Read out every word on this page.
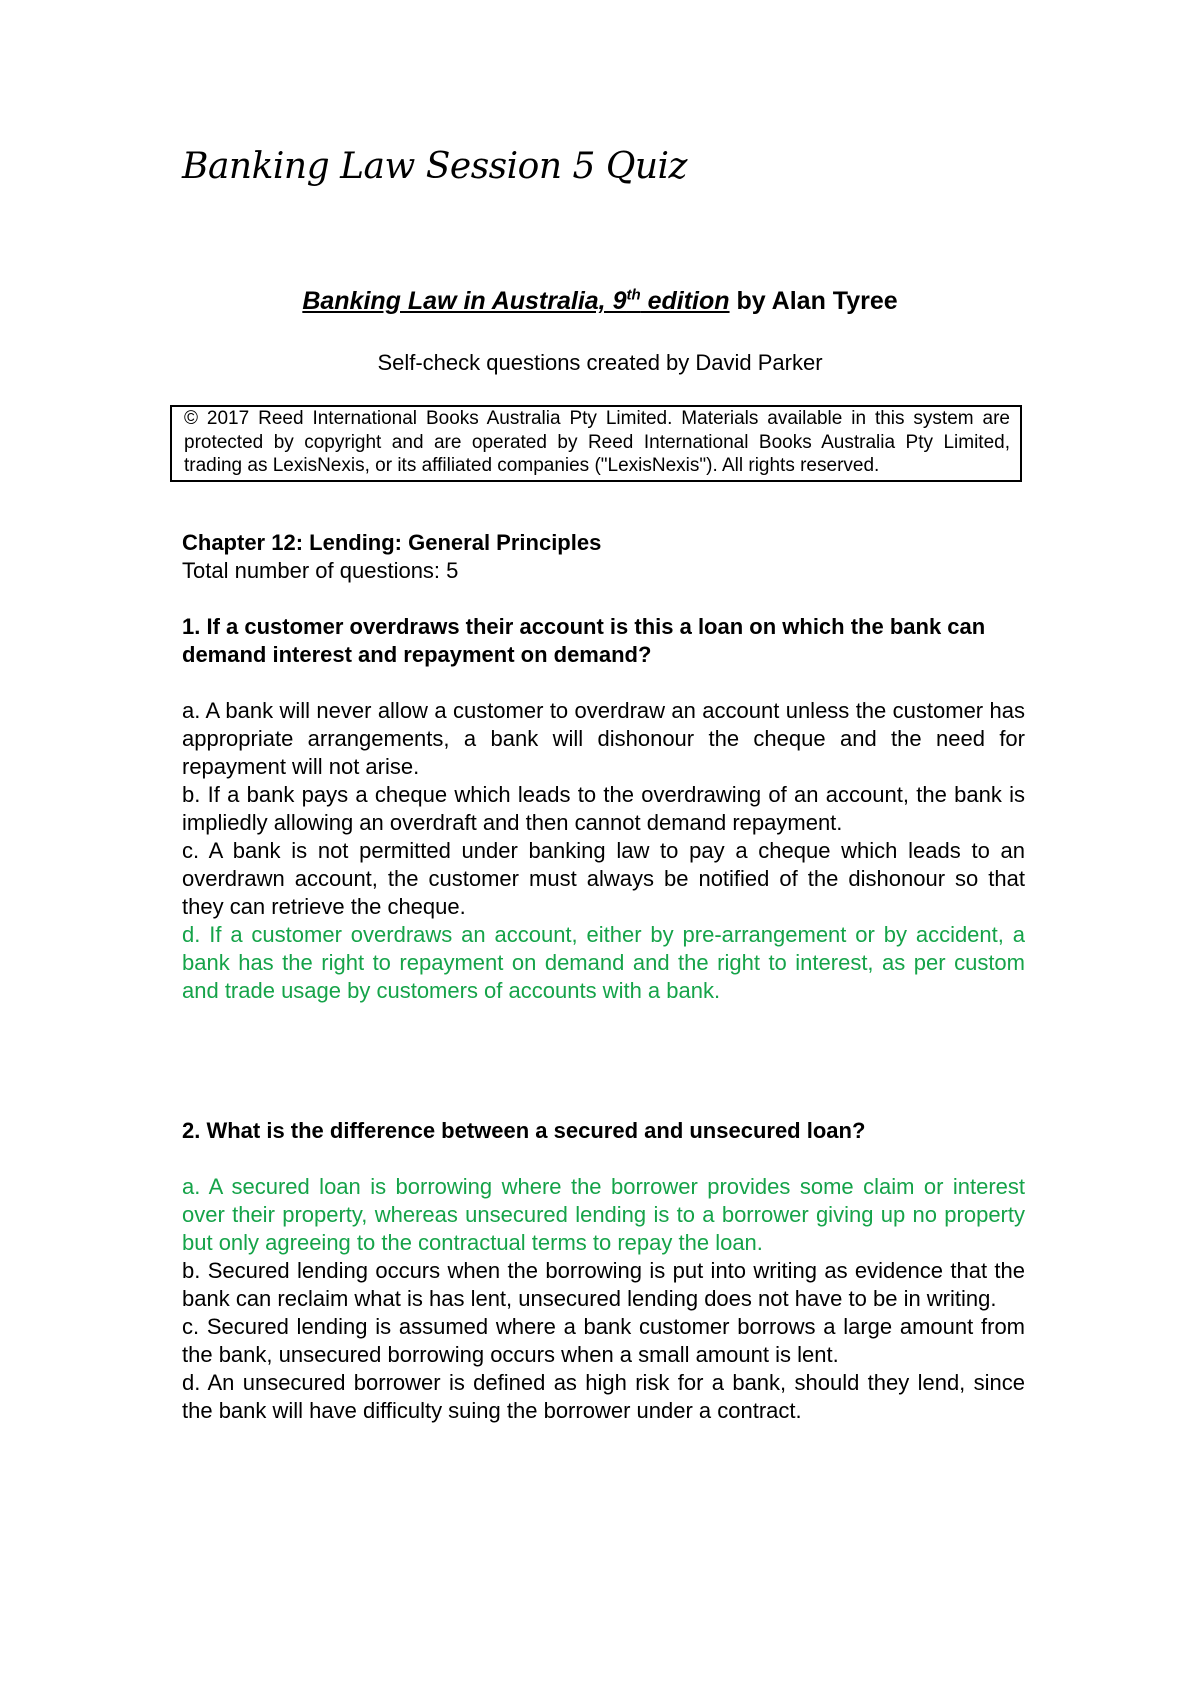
Banking Law Session 5 Quiz

Banking Law in Australia, 9th edition by Alan Tyree

Self-check questions created by David Parker

© 2017 Reed International Books Australia Pty Limited. Materials available in this system are protected by copyright and are operated by Reed International Books Australia Pty Limited, trading as LexisNexis, or its affiliated companies ("LexisNexis"). All rights reserved.

Chapter 12: Lending: General Principles

Total number of questions: 5

1. If a customer overdraws their account is this a loan on which the bank can demand interest and repayment on demand?

a. A bank will never allow a customer to overdraw an account unless the customer has appropriate arrangements, a bank will dishonour the cheque and the need for repayment will not arise.

b. If a bank pays a cheque which leads to the overdrawing of an account, the bank is impliedly allowing an overdraft and then cannot demand repayment.

c. A bank is not permitted under banking law to pay a cheque which leads to an overdrawn account, the customer must always be notified of the dishonour so that they can retrieve the cheque.

d. If a customer overdraws an account, either by pre-arrangement or by accident, a bank has the right to repayment on demand and the right to interest, as per custom and trade usage by customers of accounts with a bank.

2. What is the difference between a secured and unsecured loan?

a. A secured loan is borrowing where the borrower provides some claim or interest over their property, whereas unsecured lending is to a borrower giving up no property but only agreeing to the contractual terms to repay the loan.

b. Secured lending occurs when the borrowing is put into writing as evidence that the bank can reclaim what is has lent, unsecured lending does not have to be in writing.

c. Secured lending is assumed where a bank customer borrows a large amount from the bank, unsecured borrowing occurs when a small amount is lent.

d. An unsecured borrower is defined as high risk for a bank, should they lend, since the bank will have difficulty suing the borrower under a contract.
